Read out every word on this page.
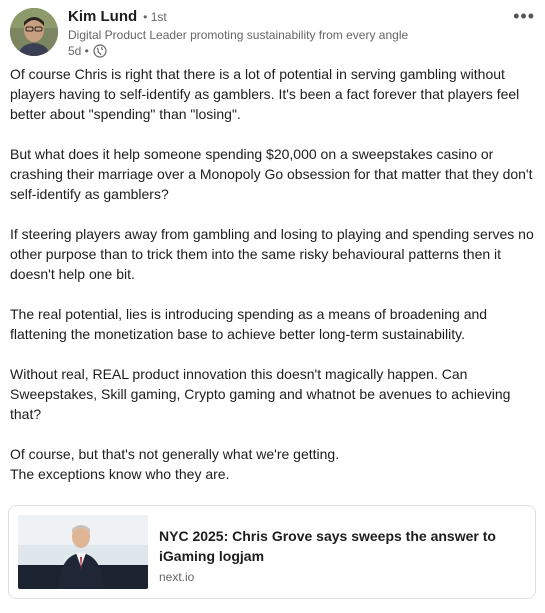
Kim Lund • 1st
Digital Product Leader promoting sustainability from every angle
5d •
•••

Of course Chris is right that there is a lot of potential in serving gambling without players having to self-identify as gamblers. It's been a fact forever that players feel better about "spending" than "losing".

But what does it help someone spending $20,000 on a sweepstakes casino or crashing their marriage over a Monopoly Go obsession for that matter that they don't self-identify as gamblers?

If steering players away from gambling and losing to playing and spending serves no other purpose than to trick them into the same risky behavioural patterns then it doesn't help one bit.

The real potential, lies is introducing spending as a means of broadening and flattening the monetization base to achieve better long-term sustainability.

Without real, REAL product innovation this doesn't magically happen. Can Sweepstakes, Skill gaming, Crypto gaming and whatnot be avenues to achieving that?

Of course, but that's not generally what we're getting.

The exceptions know who they are.

NYC 2025: Chris Grove says sweeps the answer to iGaming logjam
next.io
